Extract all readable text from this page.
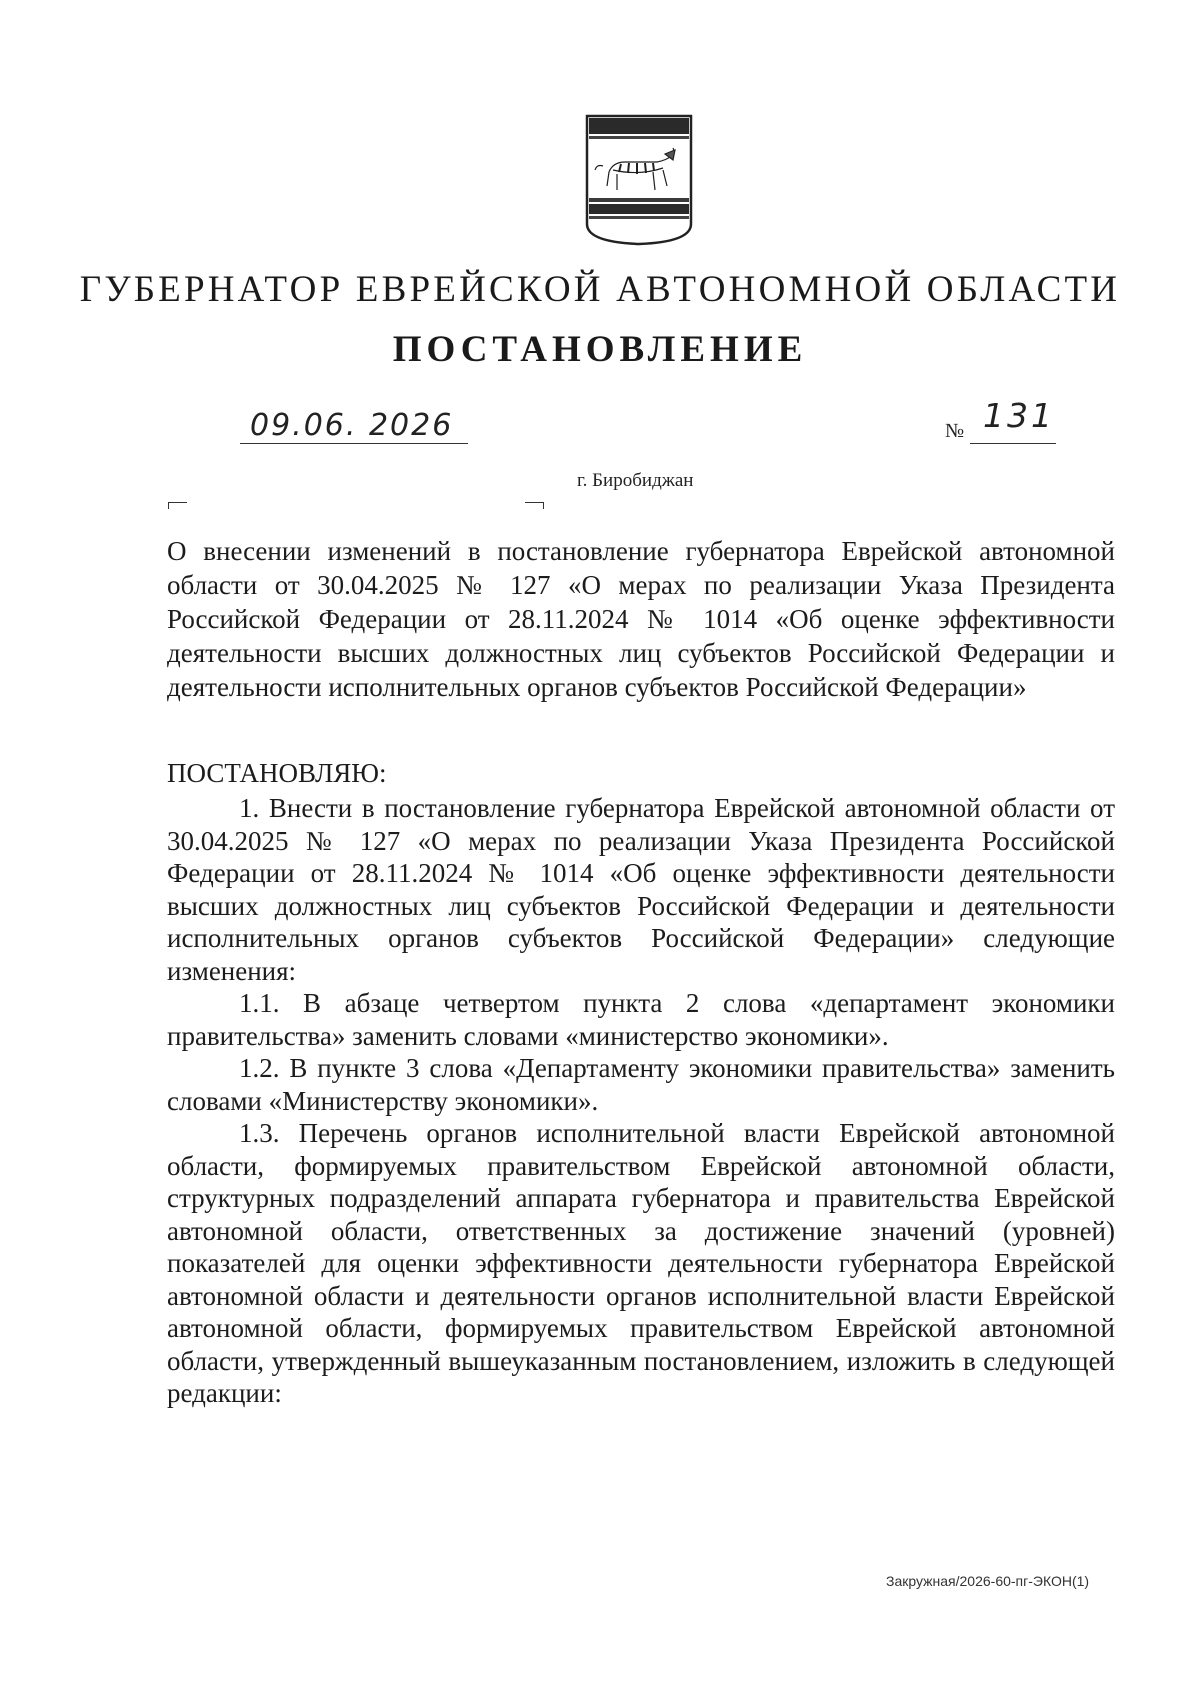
ГУБЕРНАТОР ЕВРЕЙСКОЙ АВТОНОМНОЙ ОБЛАСТИ
ПОСТАНОВЛЕНИЕ
09.06. 2026	№ 131
г. Биробиджан
О внесении изменений в постановление губернатора Еврейской автономной области от 30.04.2025 № 127 «О мерах по реализации Указа Президента Российской Федерации от 28.11.2024 № 1014 «Об оценке эффективности деятельности высших должностных лиц субъектов Российской Федерации и деятельности исполнительных органов субъектов Российской Федерации»
ПОСТАНОВЛЯЮ:

1. Внести в постановление губернатора Еврейской автономной области от 30.04.2025 № 127 «О мерах по реализации Указа Президента Российской Федерации от 28.11.2024 № 1014 «Об оценке эффективности деятельности высших должностных лиц субъектов Российской Федерации и деятельности исполнительных органов субъектов Российской Федерации» следующие изменения:

1.1. В абзаце четвертом пункта 2 слова «департамент экономики правительства» заменить словами «министерство экономики».

1.2. В пункте 3 слова «Департаменту экономики правительства» заменить словами «Министерству экономики».

1.3. Перечень органов исполнительной власти Еврейской автономной области, формируемых правительством Еврейской автономной области, структурных подразделений аппарата губернатора и правительства Еврейской автономной области, ответственных за достижение значений (уровней) показателей для оценки эффективности деятельности губернатора Еврейской автономной области и деятельности органов исполнительной власти Еврейской автономной области, формируемых правительством Еврейской автономной области, утвержденный вышеуказанным постановлением, изложить в следующей редакции:

Закружная/2026-60-пг-ЭКОН(1)
